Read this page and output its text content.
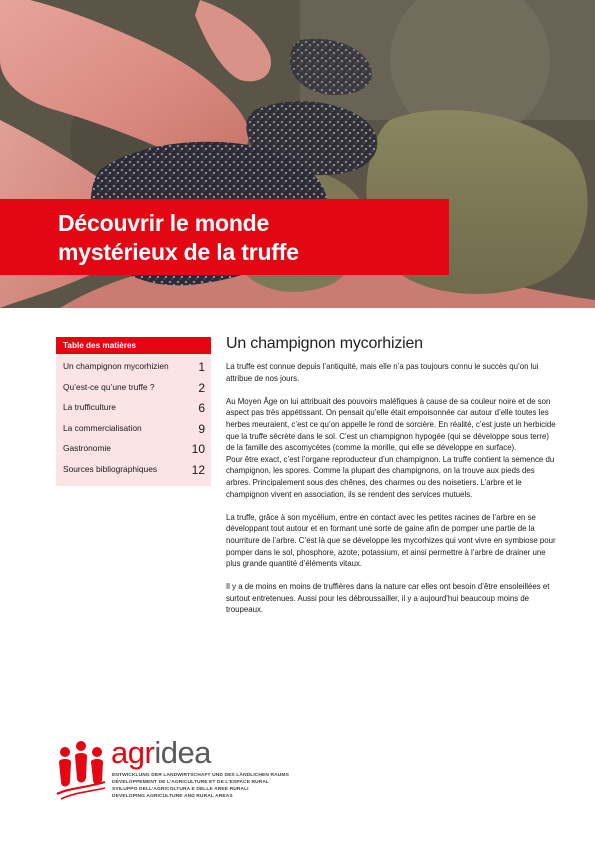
Découvrir le monde
mystérieux de la truffe
Table des matières
Un champignon mycorhizien 1
Qu’est-ce qu’une truffe ?	2
La trufficulture	6
La commercialisation	9
Gastronomie	10
Sources bibliographiques	12
Un champignon mycorhizien

La truffe est connue depuis l’antiquité, mais elle n’a pas toujours connu le succès qu’on lui attribue de nos jours.

Au Moyen Âge on lui attribuait des pouvoirs maléfiques à cause de sa couleur noire et de son aspect pas très appétissant. On pensait qu’elle était empoisonnée car autour d’elle toutes les herbes meuraient, c’est ce qu’on appelle le rond de sorcière. En réalité, c’est juste un herbicide que la truffe sécrète dans le sol. C’est un champignon hypogée (qui se développe sous terre) de la famille des ascomycètes (comme la morille, qui elle se développe en surface).

Pour être exact, c’est l’organe reproducteur d’un champignon. La truffe contient la semence du champignon, les spores. Comme la plupart des champignons, on la trouve aux pieds des arbres. Principalement sous des chênes, des charmes ou des noisetiers. L’arbre et le champignon vivent en association, ils se rendent des services mutuels.

La truffe, grâce à son mycélium, entre en contact avec les petites racines de l’arbre en se développant tout autour et en formant une sorte de gaine afin de pomper une partie de la nourriture de l’arbre. C’est là que se développe les mycorhizes qui vont vivre en symbiose pour pomper dans le sol, phosphore, azote, potassium, et ainsi permettre à l’arbre de drainer une plus grande quantité d’éléments vitaux.

Il y a de moins en moins de truffières dans la nature car elles ont besoin d’être ensoleillées et surtout entretenues. Aussi pour les débroussailler, il y a aujourd’hui beaucoup moins de troupeaux.

agridea
ENTWICKLUNG DER LANDWIRTSCHAFT UND DES LÄNDLICHEN RAUMS
DÉVELOPPEMENT DE L’AGRICULTURE ET DE L’ESPACE RURAL
SVILUPPO DELL’AGRICOLTURA E DELLE AREE RURALI
DEVELOPING AGRICULTURE AND RURAL AREAS
